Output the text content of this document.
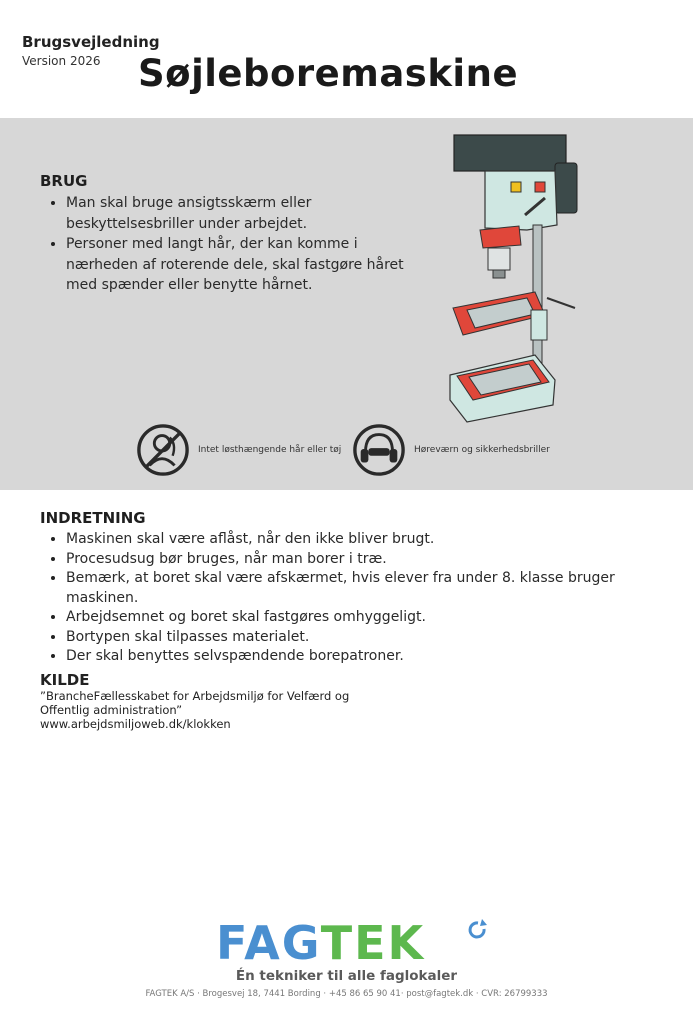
Brugsvejledning
Version 2026 Søjleboremaskine

BRUG

• Man skal bruge ansigtsskærm eller beskyttelsesbriller under arbejdet.
• Personer med langt hår, der kan komme i nærheden af roterende dele, skal fastgøre håret med spænder eller benytte hårnet.
Intet løsthængende hår eller tøj	Høreværn og sikkerhedsbriller

INDRETNING

• Maskinen skal være aflåst, når den ikke bliver brugt.
• Procesudsug bør bruges, når man borer i træ.
• Bemærk, at boret skal være afskærmet, hvis elever fra under 8. klasse bruger maskinen.
• Arbejdsemnet og boret skal fastgøres omhyggeligt.
• Bortypen skal tilpasses materialet.
• Der skal benyttes selvspændende borepatroner.

KILDE

”BrancheFællesskabet for Arbejdsmiljø for Velfærd og

Offentlig administration”

www.arbejdsmiljoweb.dk/klokken

FAGTEK
Én tekniker til alle faglokaler
FAGTEK A/S · Brogesvej 18, 7441 Bording · +45 86 65 90 41· post@fagtek.dk · CVR: 26799333
